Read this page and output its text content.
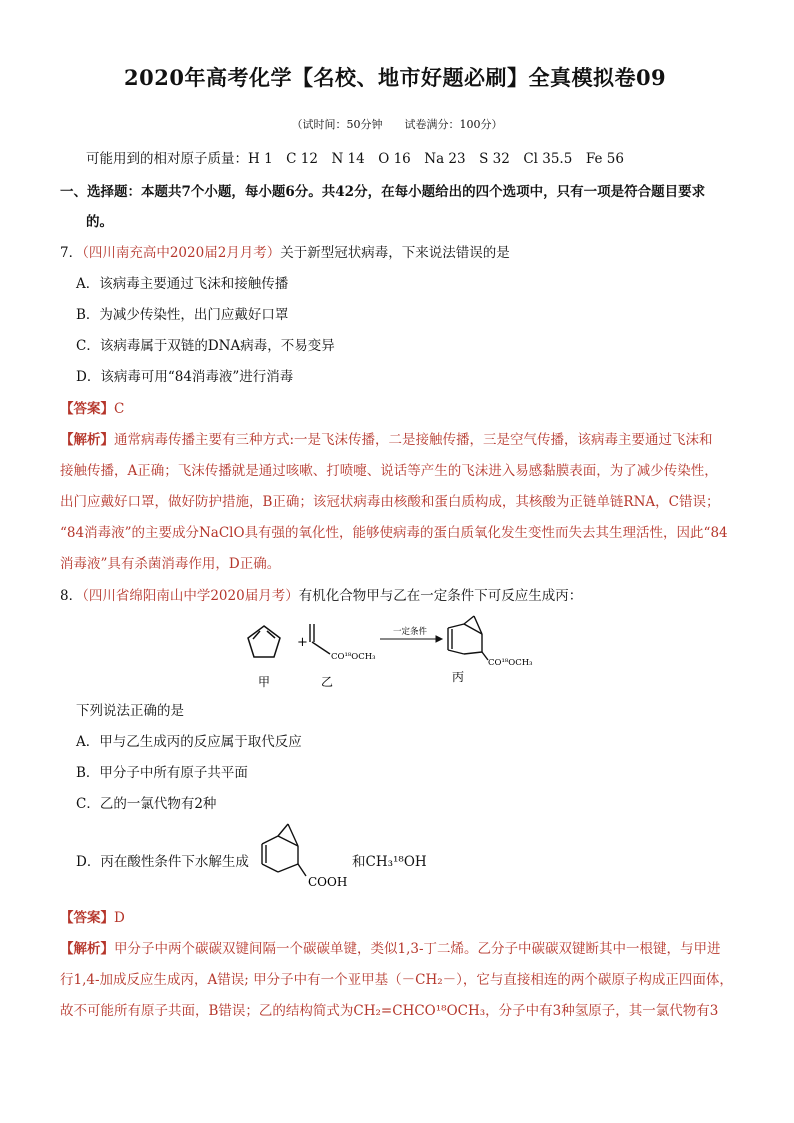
2020年高考化学【名校、地市好题必刷】全真模拟卷09
（试时间：50分钟　　试卷满分：100分）
可能用到的相对原子质量：H 1　C 12　N 14　O 16　Na 23　S 32　Cl 35.5　Fe 56
一、选择题：本题共7个小题，每小题6分。共42分，在每小题给出的四个选项中，只有一项是符合题目要求
的。
7．（四川南充高中2020届2月月考）关于新型冠状病毒，下来说法错误的是
A．该病毒主要通过飞沫和接触传播
B．为减少传染性，出门应戴好口罩
C．该病毒属于双链的DNA病毒，不易变异
D．该病毒可用“84消毒液”进行消毒
【答案】C
【解析】通常病毒传播主要有三种方式:一是飞沫传播，二是接触传播，三是空气传播，该病毒主要通过飞沫和
接触传播，A正确；飞沫传播就是通过咳嗽、打喷嚏、说话等产生的飞沫进入易感黏膜表面，为了减少传染性，
出门应戴好口罩，做好防护措施，B正确；该冠状病毒由核酸和蛋白质构成，其核酸为正链单链RNA，C错误；
“84消毒液”的主要成分NaClO具有强的氧化性，能够使病毒的蛋白质氧化发生变性而失去其生理活性，因此“84
消毒液”具有杀菌消毒作用，D正确。
8．（四川省绵阳南山中学2020届月考）有机化合物甲与乙在一定条件下可反应生成丙：
+
CO¹⁸OCH₃
一定条件
CO¹⁸OCH₃
甲	乙	丙
下列说法正确的是
A．甲与乙生成丙的反应属于取代反应
B．甲分子中所有原子共平面
C．乙的一氯代物有2种
D．丙在酸性条件下水解生成
COOH
和CH₃¹⁸OH
【答案】D
【解析】甲分子中两个碳碳双键间隔一个碳碳单键，类似1,3-丁二烯。乙分子中碳碳双键断其中一根键，与甲进
行1,4-加成反应生成丙，A错误; 甲分子中有一个亚甲基（－CH₂－），它与直接相连的两个碳原子构成正四面体，
故不可能所有原子共面，B错误；乙的结构简式为CH₂=CHCO¹⁸OCH₃，分子中有3种氢原子，其一氯代物有3
